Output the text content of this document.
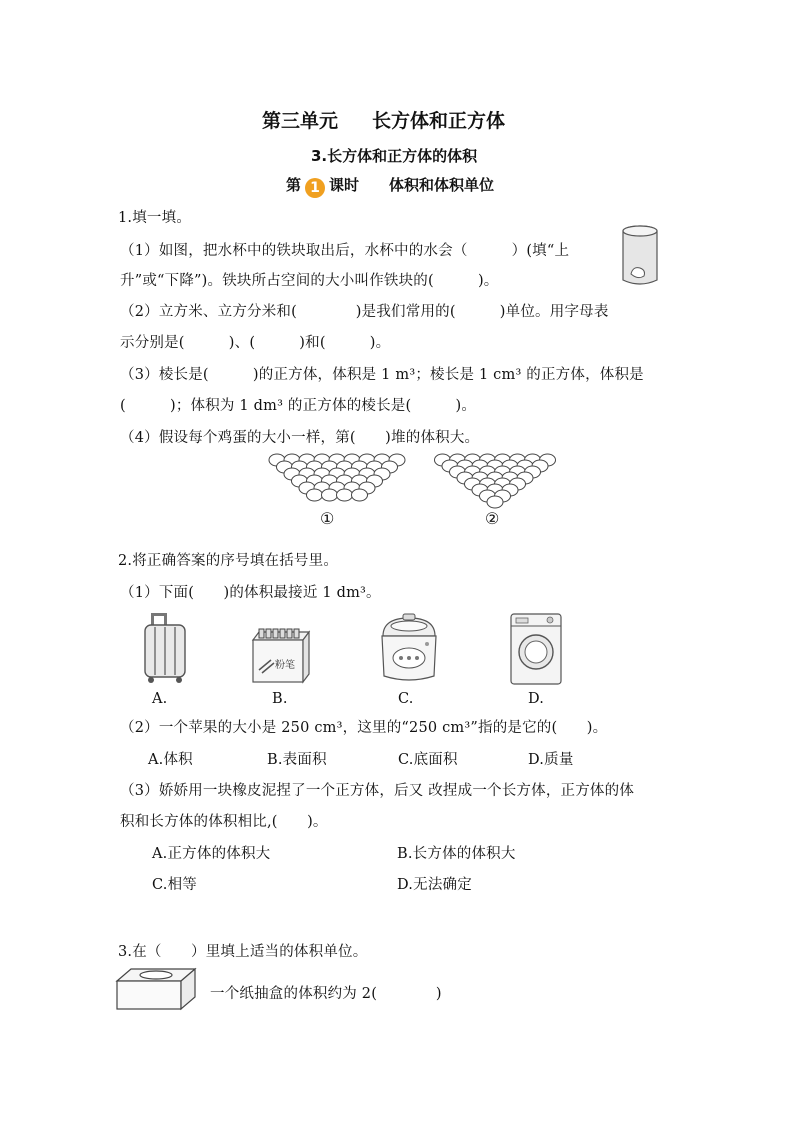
第三单元 长方体和正方体
3.长方体和正方体的体积
第 1 课时 体积和体积单位
1.填一填。
（1）如图，把水杯中的铁块取出后，水杯中的水会（　　　）(填“上
升”或“下降”)。铁块所占空间的大小叫作铁块的(　　　)。
（2）立方米、立方分米和(　　　　)是我们常用的(　　　)单位。用字母表
示分别是(　　　)、(　　　)和(　　　)。
（3）棱长是(　　　)的正方体，体积是 1 m³；棱长是 1 cm³ 的正方体，体积是
(　　　)；体积为 1 dm³ 的正方体的棱长是(　　　)。
（4）假设每个鸡蛋的大小一样，第(　　)堆的体积大。
①	②
2.将正确答案的序号填在括号里。
（1）下面(　　)的体积最接近 1 dm³。
粉笔
A.	B.	C.	D.
（2）一个苹果的大小是 250 cm³，这里的“250 cm³”指的是它的(　　)。
A.体积	B.表面积	C.底面积	D.质量
（3）娇娇用一块橡皮泥捏了一个正方体，后又 改捏成一个长方体，正方体的体
积和长方体的体积相比,(　　)。
A.正方体的体积大	B.长方体的体积大
C.相等	D.无法确定
3.在（　　）里填上适当的体积单位。
一个纸抽盒的体积约为 2(　　　　)
